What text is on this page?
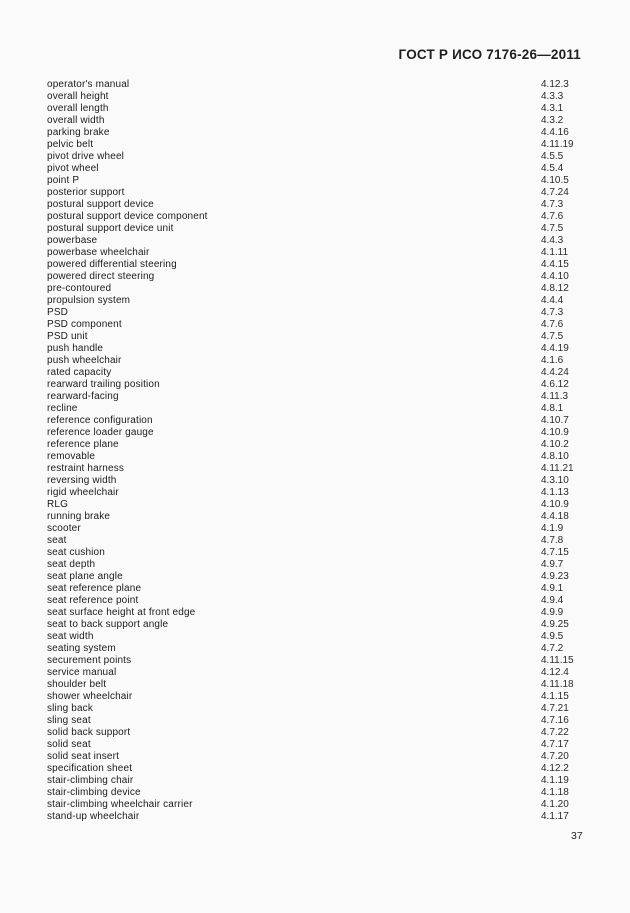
ГОСТ Р ИСО 7176-26—2011
operator's manual	4.12.3
overall height	4.3.3
overall length	4.3.1
overall width	4.3.2
parking brake	4.4.16
pelvic belt	4.11.19
pivot drive wheel	4.5.5
pivot wheel	4.5.4
point P	4.10.5
posterior support	4.7.24
postural support device	4.7.3
postural support device component	4.7.6
postural support device unit	4.7.5
powerbase	4.4.3
powerbase wheelchair	4.1.11
powered differential steering	4.4.15
powered direct steering	4.4.10
pre-contoured	4.8.12
propulsion system	4.4.4
PSD	4.7.3
PSD component	4.7.6
PSD unit	4.7.5
push handle	4.4.19
push wheelchair	4.1.6
rated capacity	4.4.24
rearward trailing position	4.6.12
rearward-facing	4.11.3
recline	4.8.1
reference configuration	4.10.7
reference loader gauge	4.10.9
reference plane	4.10.2
removable	4.8.10
restraint harness	4.11.21
reversing width	4.3.10
rigid wheelchair	4.1.13
RLG	4.10.9
running brake	4.4.18
scooter	4.1.9
seat	4.7.8
seat cushion	4.7.15
seat depth	4.9.7
seat plane angle	4.9.23
seat reference plane	4.9.1
seat reference point	4.9.4
seat surface height at front edge	4.9.9
seat to back support angle	4.9.25
seat width	4.9.5
seating system	4.7.2
securement points	4.11.15
service manual	4.12.4
shoulder belt	4.11.18
shower wheelchair	4.1.15
sling back	4.7.21
sling seat	4.7.16
solid back support	4.7.22
solid seat	4.7.17
solid seat insert	4.7.20
specification sheet	4.12.2
stair-climbing chair	4.1.19
stair-climbing device	4.1.18
stair-climbing wheelchair carrier	4.1.20
stand-up wheelchair	4.1.17
37
